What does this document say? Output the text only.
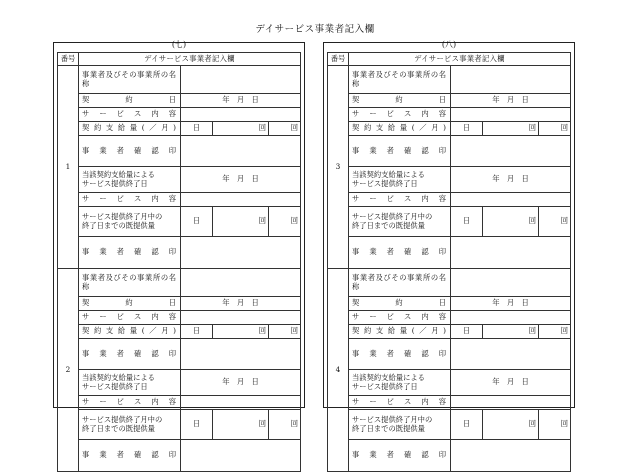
デイサービス事業者記入欄
(七)
番号	デイサービス事業者記入欄			
1	事業者及びその事業所の名称			
	契約日	年　月　日		
	サービス内容			
	契約支給量(／月)	日	回	回
	事業者確認印			

	当該契約支給量による
サービス提供終了日	年　月　日		
	サービス内容			

	サービス提供終了月中の
終了日までの既提供量	日	回	回
	事業者確認印			
2	事業者及びその事業所の名称			
	契約日	年　月　日		
	サービス内容			
	契約支給量(／月)	日	回	回
	事業者確認印			

	当該契約支給量による
サービス提供終了日	年　月　日		
	サービス内容			

	サービス提供終了月中の
終了日までの既提供量	日	回	回
	事業者確認印			
(八)
番号	デイサービス事業者記入欄			
3	事業者及びその事業所の名称			
	契約日	年　月　日		
	サービス内容			
	契約支給量(／月)	日	回	回
	事業者確認印			

	当該契約支給量による
サービス提供終了日	年　月　日		
	サービス内容			

	サービス提供終了月中の
終了日までの既提供量	日	回	回
	事業者確認印			
4	事業者及びその事業所の名称			
	契約日	年　月　日		
	サービス内容			
	契約支給量(／月)	日	回	回
	事業者確認印			

	当該契約支給量による
サービス提供終了日	年　月　日		
	サービス内容			

	サービス提供終了月中の
終了日までの既提供量	日	回	回
	事業者確認印			
